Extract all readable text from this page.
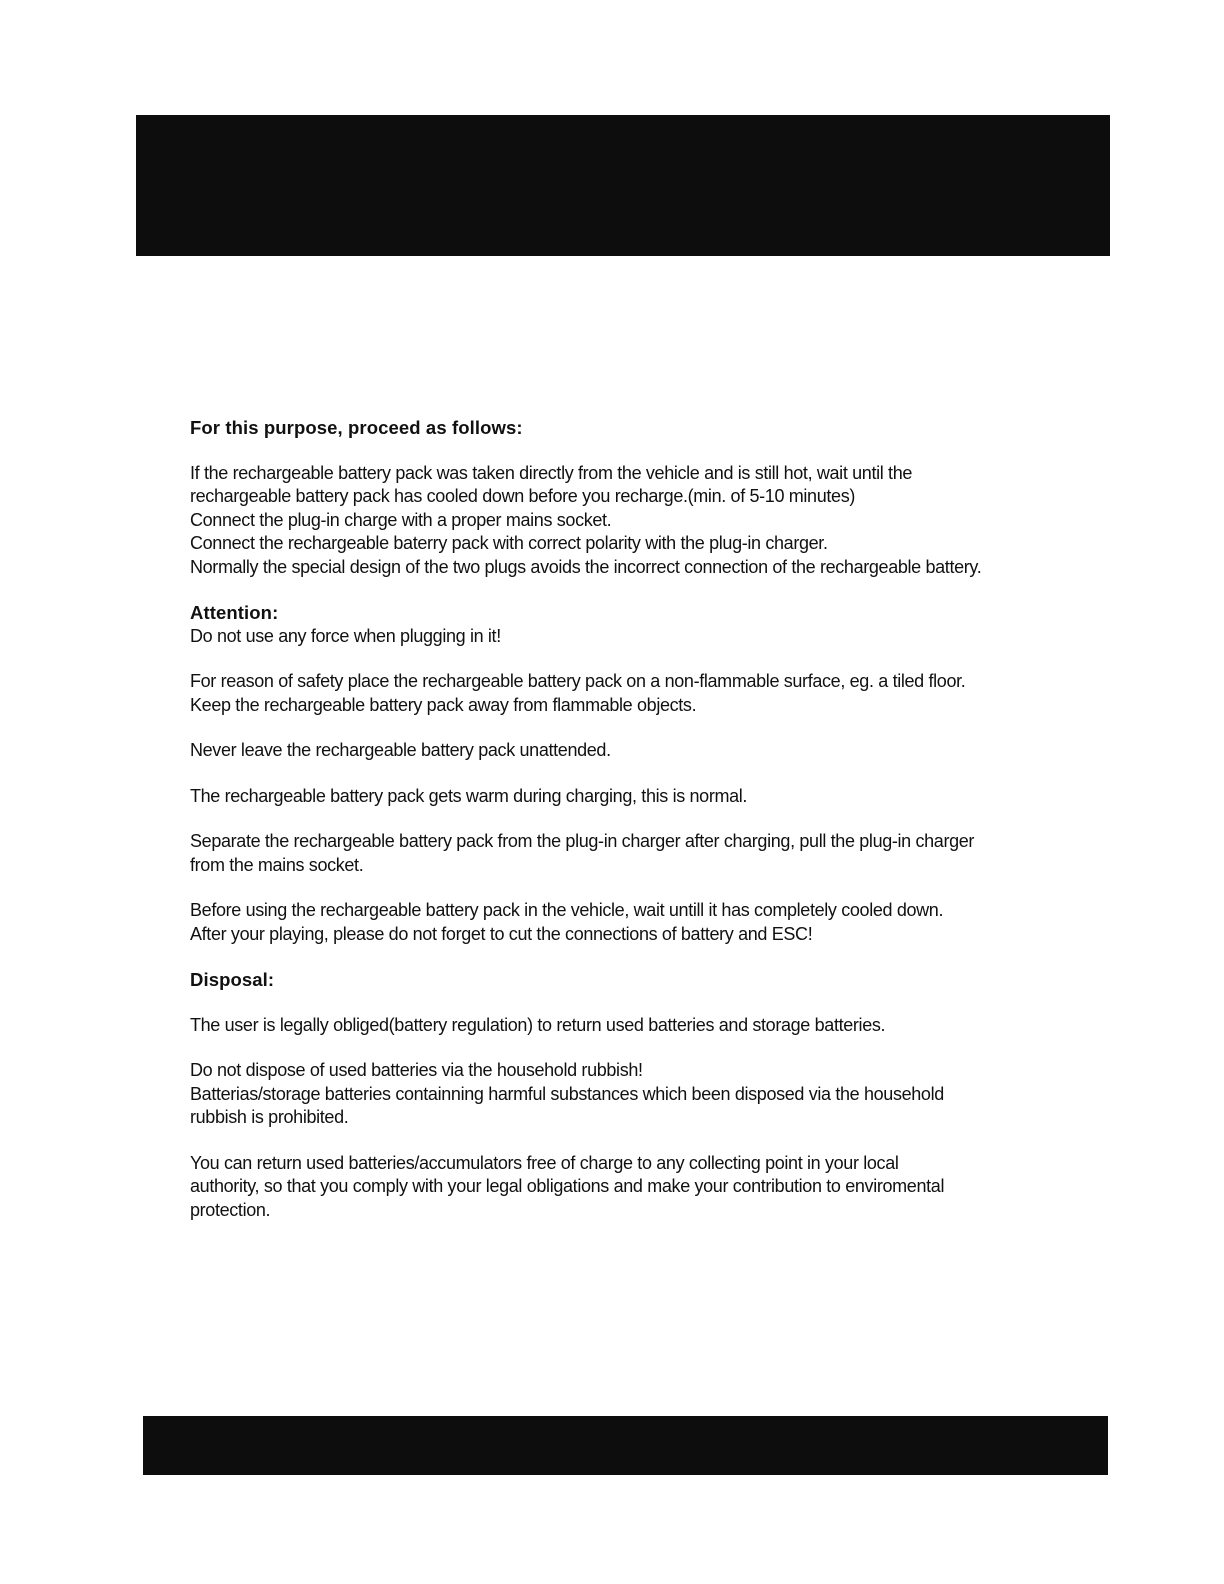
For this purpose, proceed as follows:
If the rechargeable battery pack was taken directly from the vehicle and is still hot, wait until the
rechargeable battery pack has cooled down before you recharge.(min. of 5-10 minutes)
Connect the plug-in charge with a proper mains socket.
Connect the rechargeable baterry pack with correct polarity with the plug-in charger.
Normally the special design of the two plugs avoids the incorrect connection of the rechargeable battery.
Attention:
Do not use any force when plugging in it!
For reason of safety place the rechargeable battery pack on a non-flammable surface, eg. a tiled floor.
Keep the rechargeable battery pack away from flammable objects.
Never leave the rechargeable battery pack unattended.
The rechargeable battery pack gets warm during charging, this is normal.
Separate the rechargeable battery pack from the plug-in charger after charging, pull the plug-in charger
from the mains socket.
Before using the rechargeable battery pack in the vehicle, wait untill it has completely cooled down.
After your playing, please do not forget to cut the connections of battery and ESC!
Disposal:
The user is legally obliged(battery regulation) to return used batteries and storage batteries.
Do not dispose of used batteries via the household rubbish!
Batterias/storage batteries containning harmful substances which been disposed via the household
rubbish is prohibited.
You can return used batteries/accumulators free of charge to any collecting point in your local
authority, so that you comply with your legal obligations and make your contribution to enviromental
protection.
